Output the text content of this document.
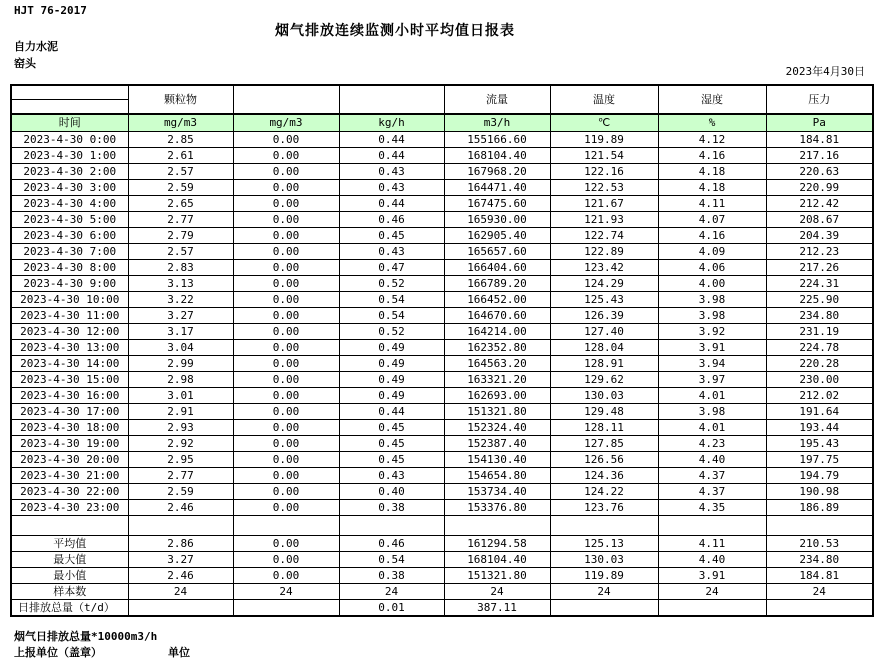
HJT 76-2017
烟气排放连续监测小时平均值日报表
自力水泥
窑头
2023年4月30日
	颗粒物			流量	温度	湿度	压力
时间	mg/m3	mg/m3	kg/h	m3/h	℃	%	Pa
2023-4-30 0:00	2.85	0.00	0.44	155166.60	119.89	4.12	184.81
2023-4-30 1:00	2.61	0.00	0.44	168104.40	121.54	4.16	217.16
2023-4-30 2:00	2.57	0.00	0.43	167968.20	122.16	4.18	220.63
2023-4-30 3:00	2.59	0.00	0.43	164471.40	122.53	4.18	220.99
2023-4-30 4:00	2.65	0.00	0.44	167475.60	121.67	4.11	212.42
2023-4-30 5:00	2.77	0.00	0.46	165930.00	121.93	4.07	208.67
2023-4-30 6:00	2.79	0.00	0.45	162905.40	122.74	4.16	204.39
2023-4-30 7:00	2.57	0.00	0.43	165657.60	122.89	4.09	212.23
2023-4-30 8:00	2.83	0.00	0.47	166404.60	123.42	4.06	217.26
2023-4-30 9:00	3.13	0.00	0.52	166789.20	124.29	4.00	224.31
2023-4-30 10:00	3.22	0.00	0.54	166452.00	125.43	3.98	225.90
2023-4-30 11:00	3.27	0.00	0.54	164670.60	126.39	3.98	234.80
2023-4-30 12:00	3.17	0.00	0.52	164214.00	127.40	3.92	231.19
2023-4-30 13:00	3.04	0.00	0.49	162352.80	128.04	3.91	224.78
2023-4-30 14:00	2.99	0.00	0.49	164563.20	128.91	3.94	220.28
2023-4-30 15:00	2.98	0.00	0.49	163321.20	129.62	3.97	230.00
2023-4-30 16:00	3.01	0.00	0.49	162693.00	130.03	4.01	212.02
2023-4-30 17:00	2.91	0.00	0.44	151321.80	129.48	3.98	191.64
2023-4-30 18:00	2.93	0.00	0.45	152324.40	128.11	4.01	193.44
2023-4-30 19:00	2.92	0.00	0.45	152387.40	127.85	4.23	195.43
2023-4-30 20:00	2.95	0.00	0.45	154130.40	126.56	4.40	197.75
2023-4-30 21:00	2.77	0.00	0.43	154654.80	124.36	4.37	194.79
2023-4-30 22:00	2.59	0.00	0.40	153734.40	124.22	4.37	190.98
2023-4-30 23:00	2.46	0.00	0.38	153376.80	123.76	4.35	186.89

平均值	2.86	0.00	0.46	161294.58	125.13	4.11	210.53
最大值	3.27	0.00	0.54	168104.40	130.03	4.40	234.80
最小值	2.46	0.00	0.38	151321.80	119.89	3.91	184.81
样本数	24	24	24	24	24	24	24
日排放总量（t/d）			0.01	387.11			
烟气日排放总量*10000m3/h
上报单位（盖章）	单位
